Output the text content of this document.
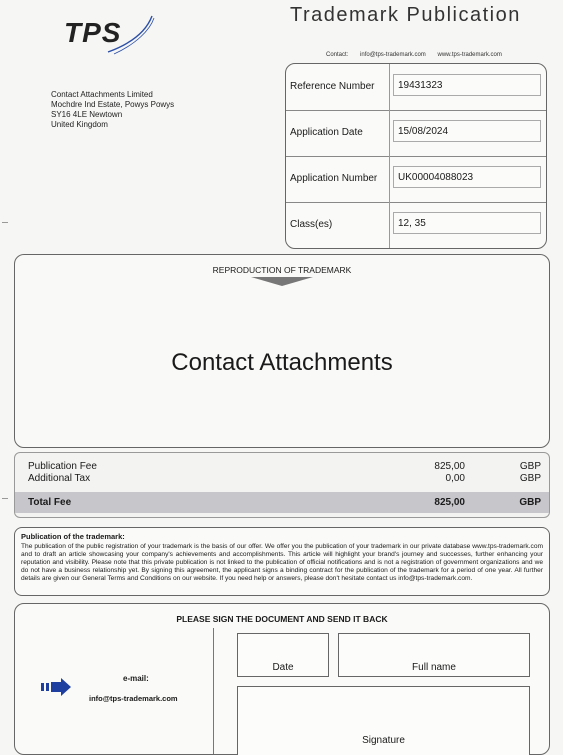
TPS
Trademark Publication
Contact: info@tps-trademark.com www.tps-trademark.com
Contact Attachments Limited
Mochdre Ind Estate, Powys Powys
SY16 4LE Newtown
United Kingdom
Reference Number	19431323
Application Date	15/08/2024
Application Number	UK00004088023
Class(es)	12, 35
REPRODUCTION OF TRADEMARK
Contact Attachments
Publication Fee	825,00	GBP
Additional Tax	0,00	GBP
Total Fee	825,00	GBP
Publication of the trademark:
The publication of the public registration of your trademark is the basis of our offer. We offer you the publication of your trademark in our private database www.tps-trademark.com and to draft an article showcasing your company's achievements and accomplishments. This article will highlight your brand's journey and successes, further enhancing your reputation and visibility. Please note that this private publication is not linked to the publication of official notifications and is not a registration of government organizations and we do not have a business relationship yet. By signing this agreement, the applicant signs a binding contract for the publication of the trademark for a period of one year. All further details are given our General Terms and Conditions on our website. If you need help or answers, please don't hesitate contact us info@tps-trademark.com.
PLEASE SIGN THE DOCUMENT AND SEND IT BACK
e-mail:
info@tps-trademark.com
Date	Full name
Signature
